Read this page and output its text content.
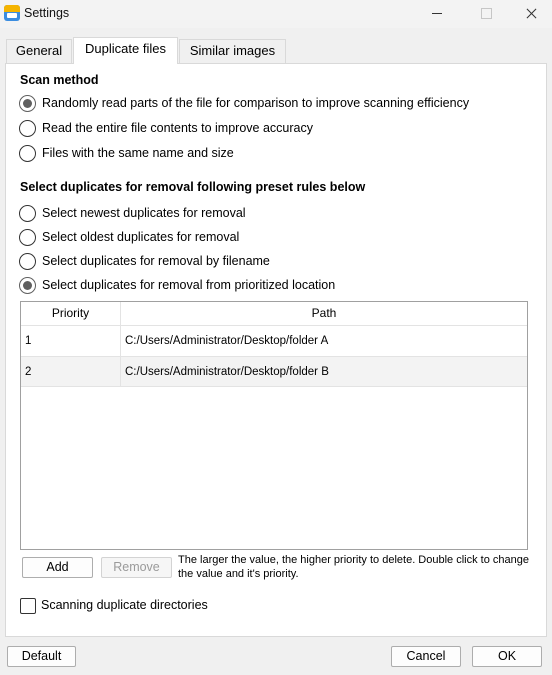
Settings
General	Duplicate files	Similar images
Scan method
Randomly read parts of the file for comparison to improve scanning efficiency
Read the entire file contents to improve accuracy
Files with the same name and size
Select duplicates for removal following preset rules below
Select newest duplicates for removal
Select oldest duplicates for removal
Select duplicates for removal by filename
Select duplicates for removal from prioritized location
Priority	Path
1	C:/Users/Administrator/Desktop/folder A
2	C:/Users/Administrator/Desktop/folder B
Add	Remove	The larger the value, the higher priority to delete. Double click to change the value and it's priority.
Scanning duplicate directories
Default	Cancel	OK
